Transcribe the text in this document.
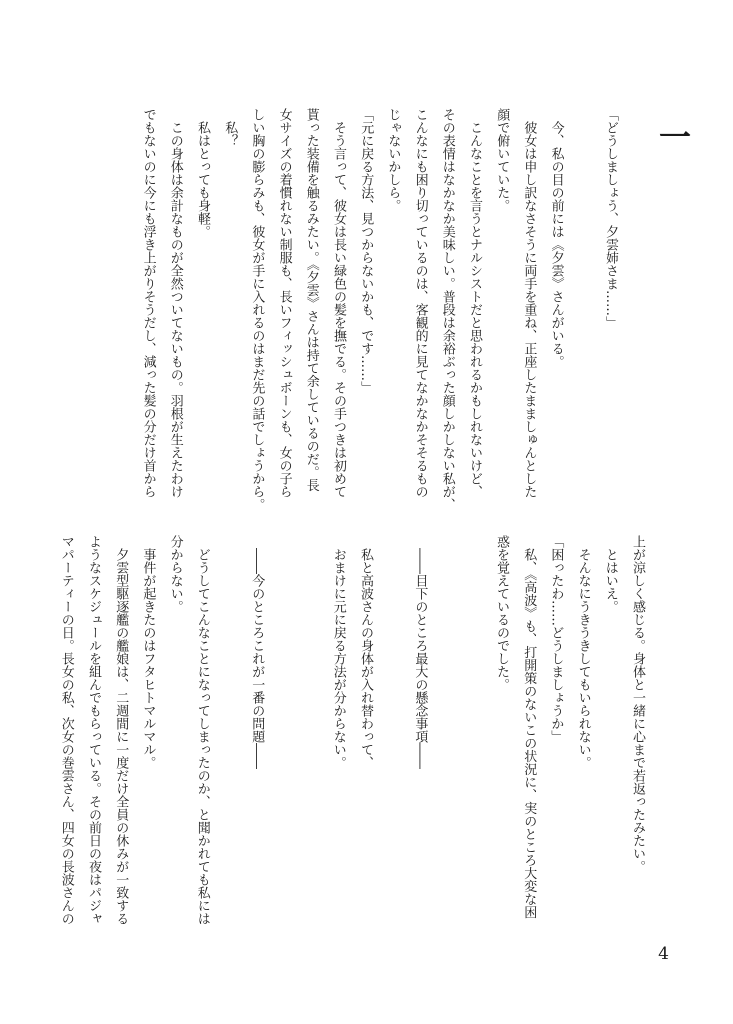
一
「どうしましょう、夕雲姉さま……」
　今、私の目の前には《夕雲》さんがいる。
　彼女は申し訳なさそうに両手を重ね、正座したまましゅんとした
顔で俯いていた。
　こんなことを言うとナルシストだと思われるかもしれないけど、
その表情はなかなか美味しい。普段は余裕ぶった顔しかしない私が、
こんなにも困り切っているのは、客観的に見てなかなかそそるもの
じゃないかしら。
「元に戻る方法、見つからないかも、です……」
　そう言って、彼女は長い緑色の髪を撫でる。その手つきは初めて
貰った装備を触るみたい。《夕雲》さんは持て余しているのだ。長
女サイズの着慣れない制服も、長いフィッシュボーンも、女の子ら
しい胸の膨らみも、彼女が手に入れるのはまだ先の話でしょうから。
　私？
　私はとっても身軽。
　この身体は余計なものが全然ついてないもの。羽根が生えたわけ
でもないのに今にも浮き上がりそうだし、減った髪の分だけ首から
上が涼しく感じる。身体と一緒に心まで若返ったみたい。
　とはいえ。
　そんなにうきうきしてもいられない。
「困ったわ……どうしましょうか」
　私、《高波》も、打開策のないこの状況に、実のところ大変な困
惑を覚えているのでした。
　――目下のところ最大の懸念事項――
　私と高波さんの身体が入れ替わって、
　おまけに元に戻る方法が分からない。
　――今のところこれが一番の問題――
　どうしてこんなことになってしまったのか、と聞かれても私には
分からない。
　事件が起きたのはフタヒトマルマル。
　夕雲型駆逐艦の艦娘は、二週間に一度だけ全員の休みが一致する
ようなスケジュールを組んでもらっている。その前日の夜はパジャ
マパーティーの日。長女の私、次女の巻雲さん、四女の長波さんの
4
